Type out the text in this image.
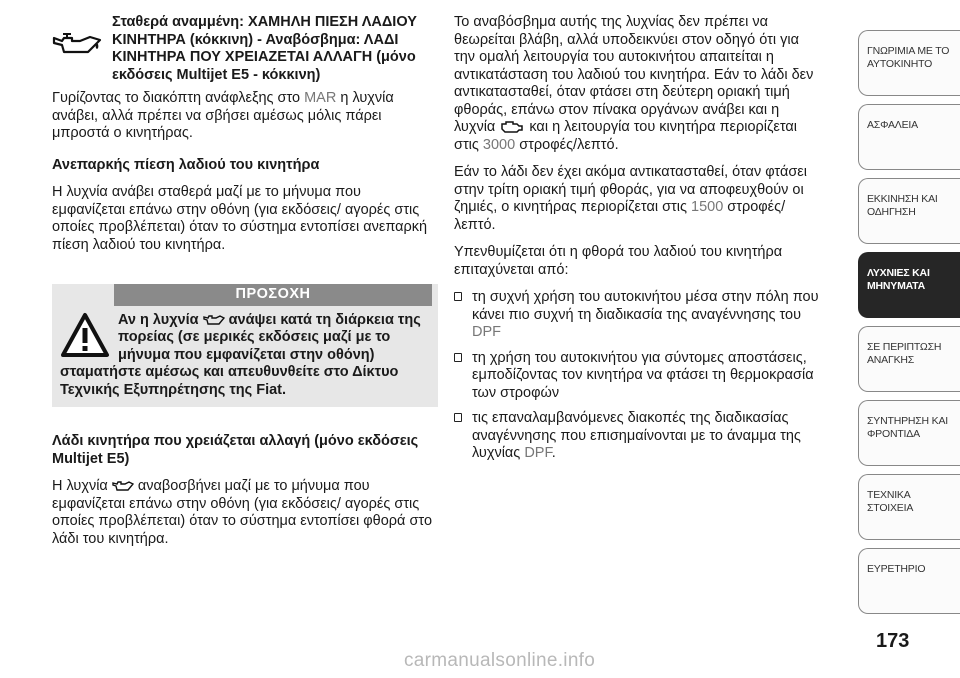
Σταθερά αναμμένη: ΧΑΜΗΛΗ ΠΙΕΣΗ ΛΑΔΙΟΥ ΚΙΝΗΤΗΡΑ (κόκκινη) - Αναβόσβημα: ΛΑΔΙ ΚΙΝΗΤΗΡΑ ΠΟΥ ΧΡΕΙΑΖΕΤΑΙ ΑΛΛΑΓΗ (μόνο εκδόσεις Multijet E5 - κόκκινη)

Γυρίζοντας το διακόπτη ανάφλεξης στο MAR η λυχνία ανάβει, αλλά πρέπει να σβήσει αμέσως μόλις πάρει μπροστά ο κινητήρας.

Ανεπαρκής πίεση λαδιού του κινητήρα

Η λυχνία ανάβει σταθερά μαζί με το μήνυμα που εμφανίζεται επάνω στην οθόνη (για εκδόσεις/ αγορές στις οποίες προβλέπεται) όταν το σύστημα εντοπίσει ανεπαρκή πίεση λαδιού του κινητήρα.

ΠΡΟΣΟΧΗ
Αν η λυχνία  ανάψει κατά τη διάρκεια της πορείας (σε μερικές εκδόσεις μαζί με το μήνυμα που εμφανίζεται στην οθόνη) σταματήστε αμέσως και απευθυνθείτε στο Δίκτυο Τεχνικής Εξυπηρέτησης της Fiat.
Λάδι κινητήρα που χρειάζεται αλλαγή (μόνο εκδόσεις Multijet E5)

Η λυχνία  αναβοσβήνει μαζί με το μήνυμα που εμφανίζεται επάνω στην οθόνη (για εκδόσεις/ αγορές στις οποίες προβλέπεται) όταν το σύστημα εντοπίσει φθορά στο λάδι του κινητήρα.

Το αναβόσβημα αυτής της λυχνίας δεν πρέπει να θεωρείται βλάβη, αλλά υποδεικνύει στον οδηγό ότι για την ομαλή λειτουργία του αυτοκινήτου απαιτείται η αντικατάσταση του λαδιού του κινητήρα. Εάν το λάδι δεν αντικατασταθεί, όταν φτάσει στη δεύτερη οριακή τιμή φθοράς, επάνω στον πίνακα οργάνων ανάβει και η λυχνία  και η λειτουργία του κινητήρα περιορίζεται στις 3000 στροφές/λεπτό.

Εάν το λάδι δεν έχει ακόμα αντικατασταθεί, όταν φτάσει στην τρίτη οριακή τιμή φθοράς, για να αποφευχθούν οι ζημιές, ο κινητήρας περιορίζεται στις 1500 στροφές/λεπτό.

Υπενθυμίζεται ότι η φθορά του λαδιού του κινητήρα επιταχύνεται από:

τη συχνή χρήση του αυτοκινήτου μέσα στην πόλη που κάνει πιο συχνή τη διαδικασία της αναγέννησης του DPF
τη χρήση του αυτοκινήτου για σύντομες αποστάσεις, εμποδίζοντας τον κινητήρα να φτάσει τη θερμοκρασία των στροφών
τις επαναλαμβανόμενες διακοπές της διαδικασίας αναγέννησης που επισημαίνονται με το άναμμα της λυχνίας DPF.
ΓΝΩΡΙΜΙΑ ΜΕ ΤΟ ΑΥΤΟΚΙΝΗΤΟ
ΑΣΦΑΛΕΙΑ
ΕΚΚΙΝΗΣΗ ΚΑΙ ΟΔΗΓΗΣΗ
ΛΥΧΝΙΕΣ ΚΑΙ ΜΗΝΥΜΑΤΑ
ΣΕ ΠΕΡΙΠΤΩΣΗ ΑΝΑΓΚΗΣ
ΣΥΝΤΗΡΗΣΗ ΚΑΙ ΦΡΟΝΤΙΔΑ
ΤΕΧΝΙΚΑ ΣΤΟΙΧΕΙΑ
ΕΥΡΕΤΗΡΙΟ
173
carmanualsonline.info
